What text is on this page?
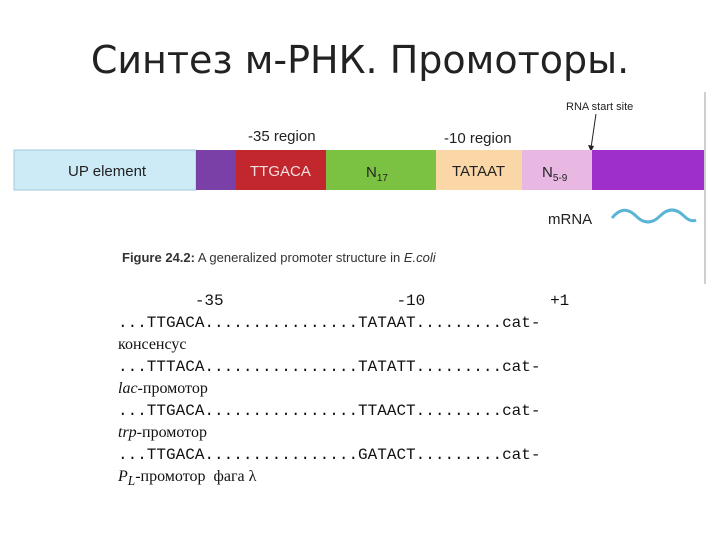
Синтез м-РНК. Промоторы.
RNA start site
-35 region	-10 region
UP element	TTGACA	$N_{17}$	TATAAT $N_{5-9}$
mRNA
Figure 24.2: A generalized promoter structure in E.coli
-35                  -10             +1
...TTGACA................TATAAT.........cat-
консенсус
...TTTACA................TATATT.........cat-
lac-промотор
...TTGACA................TTAACT.........cat-
trp-промотор
...TTGACA................GATACT.........cat-
$P_L$-промотор  фага λ
